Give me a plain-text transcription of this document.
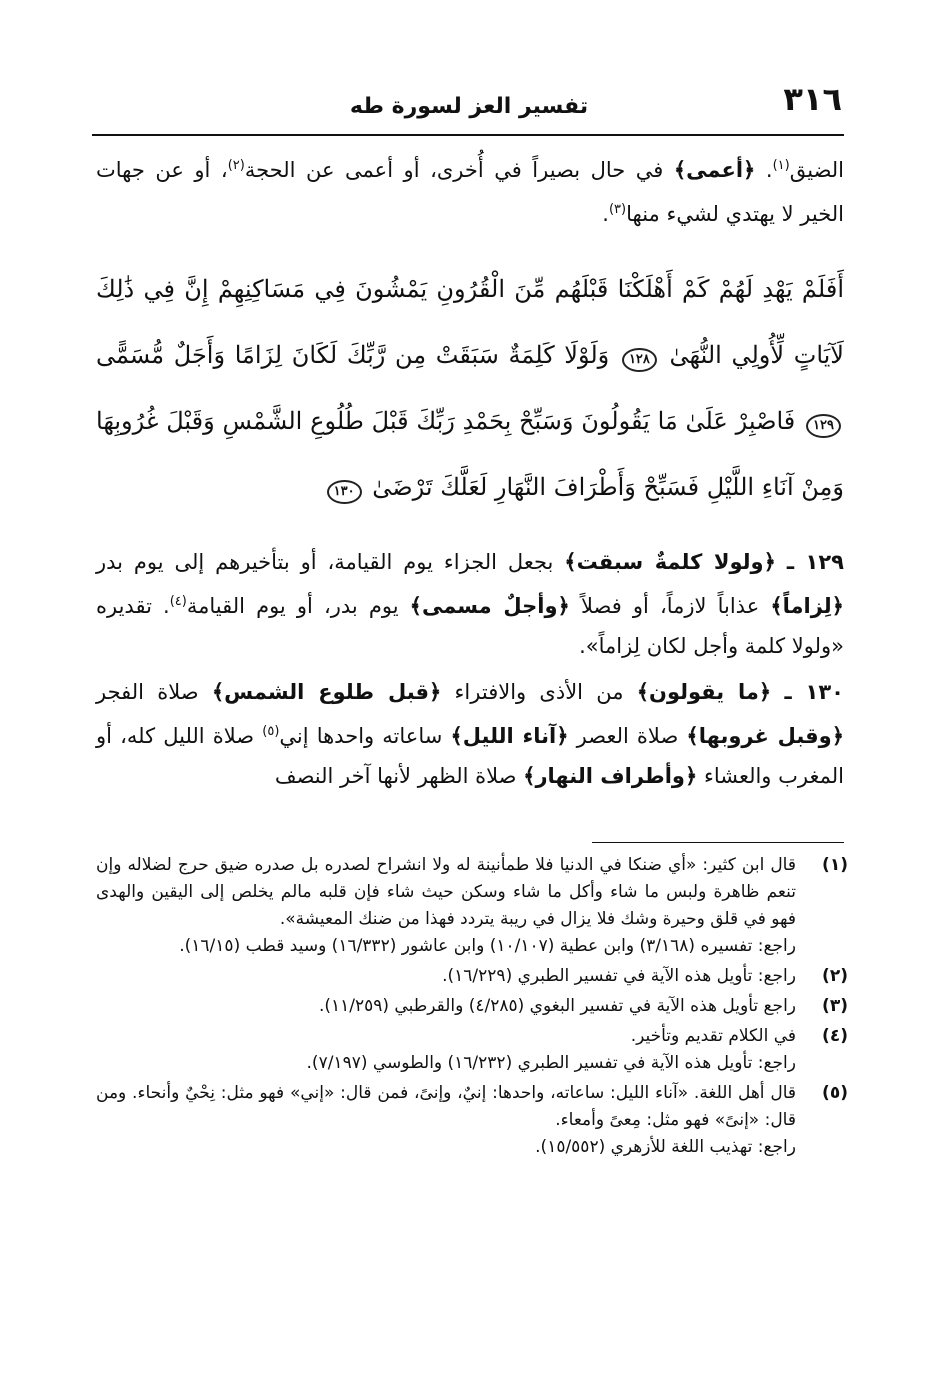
٣١٦
تفسير العز لسورة طه

الضيق$^{(١)}$. ﴿أعمى﴾ في حال بصيراً في أُخرى، أو أعمى عن الحجة$^{(٢)}$، أو عن جهات الخير لا يهتدي لشيء منها$^{(٣)}$.

أَفَلَمْ يَهْدِ لَهُمْ كَمْ أَهْلَكْنَا قَبْلَهُم مِّنَ الْقُرُونِ يَمْشُونَ فِي مَسَاكِنِهِمْ إِنَّ فِي ذَٰلِكَ لَآيَاتٍ لِّأُولِي النُّهَىٰ ١٢٨ وَلَوْلَا كَلِمَةٌ سَبَقَتْ مِن رَّبِّكَ لَكَانَ لِزَامًا وَأَجَلٌ مُّسَمًّى ١٢٩ فَاصْبِرْ عَلَىٰ مَا يَقُولُونَ وَسَبِّحْ بِحَمْدِ رَبِّكَ قَبْلَ طُلُوعِ الشَّمْسِ وَقَبْلَ غُرُوبِهَا وَمِنْ آنَاءِ اللَّيْلِ فَسَبِّحْ وَأَطْرَافَ النَّهَارِ لَعَلَّكَ تَرْضَىٰ ١٣٠

١٢٩ ـ ﴿ولولا كلمةٌ سبقت﴾ بجعل الجزاء يوم القيامة، أو بتأخيرهم إلى يوم بدر ﴿لِزاماً﴾ عذاباً لازماً، أو فصلاً ﴿وأجلٌ مسمى﴾ يوم بدر، أو يوم القيامة$^{(٤)}$. تقديره «ولولا كلمة وأجل لكان لِزاماً».

١٣٠ ـ ﴿ما يقولون﴾ من الأذى والافتراء ﴿قبل طلوع الشمس﴾ صلاة الفجر ﴿وقبل غروبها﴾ صلاة العصر ﴿آناء الليل﴾ ساعاته واحدها إني$^{(٥)}$ صلاة الليل كله، أو المغرب والعشاء ﴿وأطراف النهار﴾ صلاة الظهر لأنها آخر النصف

(١)
قال ابن كثير: «أي ضنكا في الدنيا فلا طمأنينة له ولا انشراح لصدره بل صدره ضيق حرج لضلاله وإن تنعم ظاهرة ولبس ما شاء وأكل ما شاء وسكن حيث شاء فإن قلبه مالم يخلص إلى اليقين والهدى فهو في قلق وحيرة وشك فلا يزال في ريبة يتردد فهذا من ضنك المعيشة».
راجع: تفسيره (٣/١٦٨) وابن عطية (١٠/١٠٧) وابن عاشور (١٦/٣٣٢) وسيد قطب (١٦/١٥).
(٢)
راجع: تأويل هذه الآية في تفسير الطبري (١٦/٢٢٩).
(٣)
راجع تأويل هذه الآية في تفسير البغوي (٤/٢٨٥) والقرطبي (١١/٢٥٩).
(٤)
في الكلام تقديم وتأخير.
راجع: تأويل هذه الآية في تفسير الطبري (١٦/٢٣٢) والطوسي (٧/١٩٧).
(٥)
قال أهل اللغة. «آناء الليل: ساعاته، واحدها: إنيٌ، وإنىً، فمن قال: «إني» فهو مثل: نِحْيٌ وأنحاء. ومن قال: «إنىً» فهو مثل: مِعىً وأمعاء.
راجع: تهذيب اللغة للأزهري (١٥/٥٥٢).
